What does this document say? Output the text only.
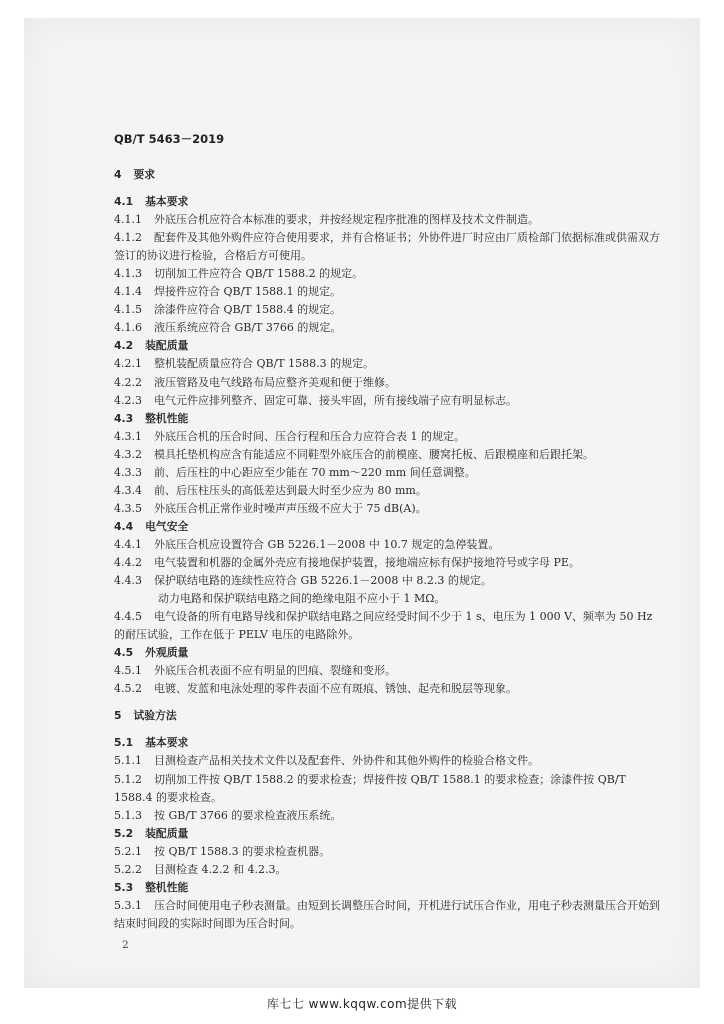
QB/T 5463－2019
4 要求
4.1 基本要求
4.1.1 外底压合机应符合本标准的要求，并按经规定程序批准的图样及技术文件制造。
4.1.2 配套件及其他外购件应符合使用要求，并有合格证书；外协件进厂时应由厂质检部门依据标准或供需双方签订的协议进行检验，合格后方可使用。
4.1.3 切削加工件应符合 QB/T 1588.2 的规定。
4.1.4 焊接件应符合 QB/T 1588.1 的规定。
4.1.5 涂漆件应符合 QB/T 1588.4 的规定。
4.1.6 液压系统应符合 GB/T 3766 的规定。
4.2 装配质量
4.2.1 整机装配质量应符合 QB/T 1588.3 的规定。
4.2.2 液压管路及电气线路布局应整齐美观和便于维修。
4.2.3 电气元件应排列整齐、固定可靠、接头牢固，所有接线端子应有明显标志。
4.3 整机性能
4.3.1 外底压合机的压合时间、压合行程和压合力应符合表 1 的规定。
4.3.2 模具托垫机构应含有能适应不同鞋型外底压合的前模座、腰窝托板、后跟模座和后跟托架。
4.3.3 前、后压柱的中心距应至少能在 70 mm～220 mm 间任意调整。
4.3.4 前、后压柱压头的高低差达到最大时至少应为 80 mm。
4.3.5 外底压合机正常作业时噪声声压级不应大于 75 dB(A)。
4.4 电气安全
4.4.1 外底压合机应设置符合 GB 5226.1－2008 中 10.7 规定的急停装置。
4.4.2 电气装置和机器的金属外壳应有接地保护装置，接地端应标有保护接地符号或字母 PE。
4.4.3 保护联结电路的连续性应符合 GB 5226.1－2008 中 8.2.3 的规定。
动力电路和保护联结电路之间的绝缘电阻不应小于 1 MΩ。
4.4.5 电气设备的所有电路导线和保护联结电路之间应经受时间不少于 1 s、电压为 1 000 V、频率为 50 Hz 的耐压试验，工作在低于 PELV 电压的电路除外。
4.5 外观质量
4.5.1 外底压合机表面不应有明显的凹痕、裂缝和变形。
4.5.2 电镀、发蓝和电泳处理的零件表面不应有斑痕、锈蚀、起壳和脱层等现象。
5 试验方法
5.1 基本要求
5.1.1 目测检查产品相关技术文件以及配套件、外协件和其他外购件的检验合格文件。
5.1.2 切削加工件按 QB/T 1588.2 的要求检查；焊接件按 QB/T 1588.1 的要求检查；涂漆件按 QB/T 1588.4 的要求检查。
5.1.3 按 GB/T 3766 的要求检查液压系统。
5.2 装配质量
5.2.1 按 QB/T 1588.3 的要求检查机器。
5.2.2 目测检查 4.2.2 和 4.2.3。
5.3 整机性能
5.3.1 压合时间使用电子秒表测量。由短到长调整压合时间，开机进行试压合作业，用电子秒表测量压合开始到结束时间段的实际时间即为压合时间。
2
库七七 www.kqqw.com提供下载
